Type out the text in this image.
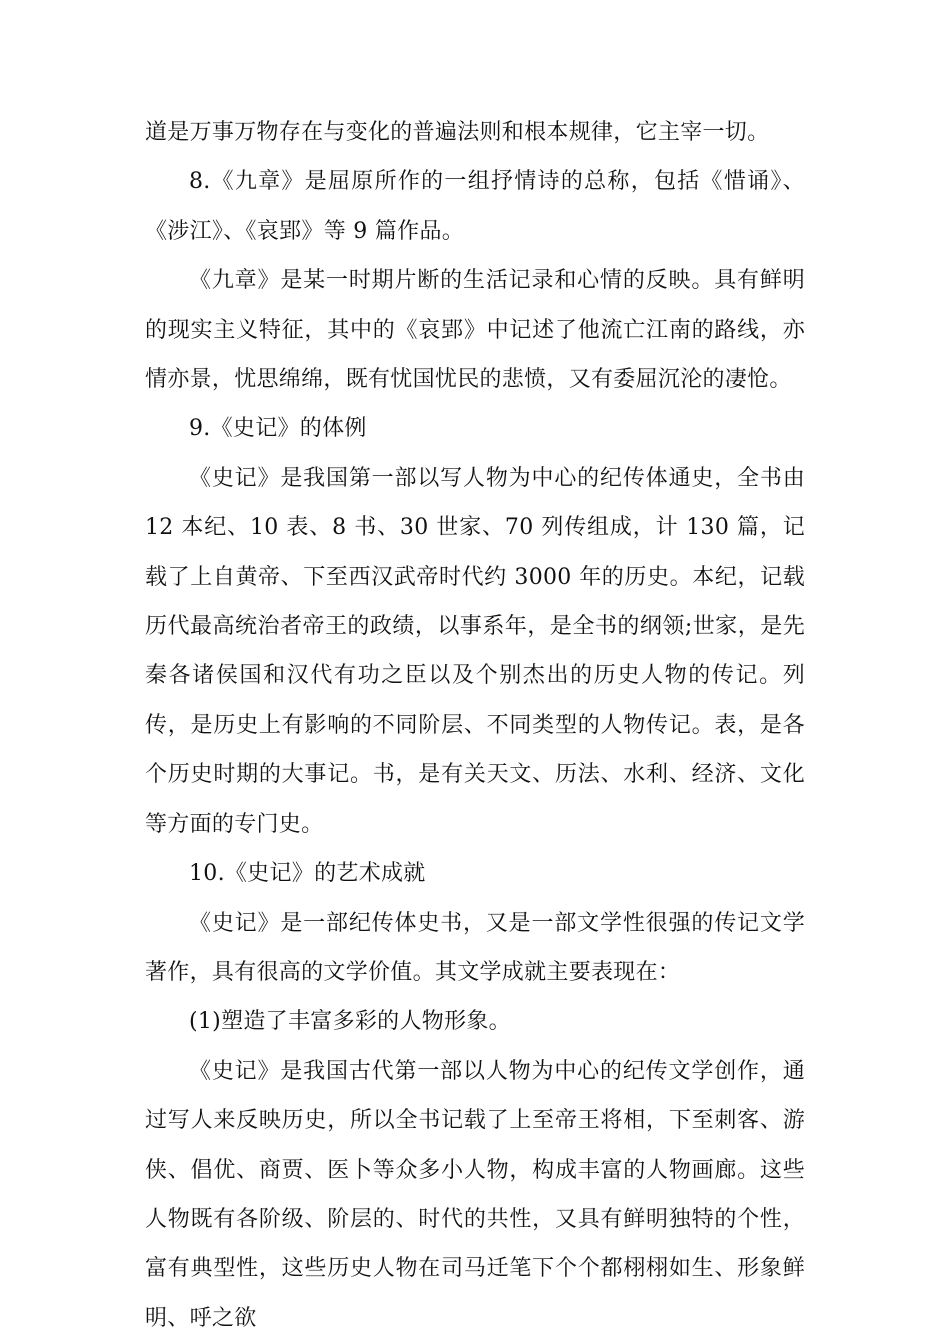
道是万事万物存在与变化的普遍法则和根本规律，它主宰一切。

8.《九章》是屈原所作的一组抒情诗的总称，包括《惜诵》、《涉江》、《哀郢》等 9 篇作品。

《九章》是某一时期片断的生活记录和心情的反映。具有鲜明的现实主义特征，其中的《哀郢》中记述了他流亡江南的路线，亦情亦景，忧思绵绵，既有忧国忧民的悲愤，又有委屈沉沦的凄怆。

9.《史记》的体例

《史记》是我国第一部以写人物为中心的纪传体通史，全书由 12 本纪、10 表、8 书、30 世家、70 列传组成，计 130 篇，记载了上自黄帝、下至西汉武帝时代约 3000 年的历史。本纪，记载历代最高统治者帝王的政绩，以事系年，是全书的纲领;世家，是先秦各诸侯国和汉代有功之臣以及个别杰出的历史人物的传记。列传，是历史上有影响的不同阶层、不同类型的人物传记。表，是各个历史时期的大事记。书，是有关天文、历法、水利、经济、文化等方面的专门史。

10.《史记》的艺术成就

《史记》是一部纪传体史书，又是一部文学性很强的传记文学著作，具有很高的文学价值。其文学成就主要表现在：

(1)塑造了丰富多彩的人物形象。

《史记》是我国古代第一部以人物为中心的纪传文学创作，通过写人来反映历史，所以全书记载了上至帝王将相，下至刺客、游侠、倡优、商贾、医卜等众多小人物，构成丰富的人物画廊。这些人物既有各阶级、阶层的、时代的共性，又具有鲜明独特的个性，富有典型性，这些历史人物在司马迁笔下个个都栩栩如生、形象鲜明、呼之欲
